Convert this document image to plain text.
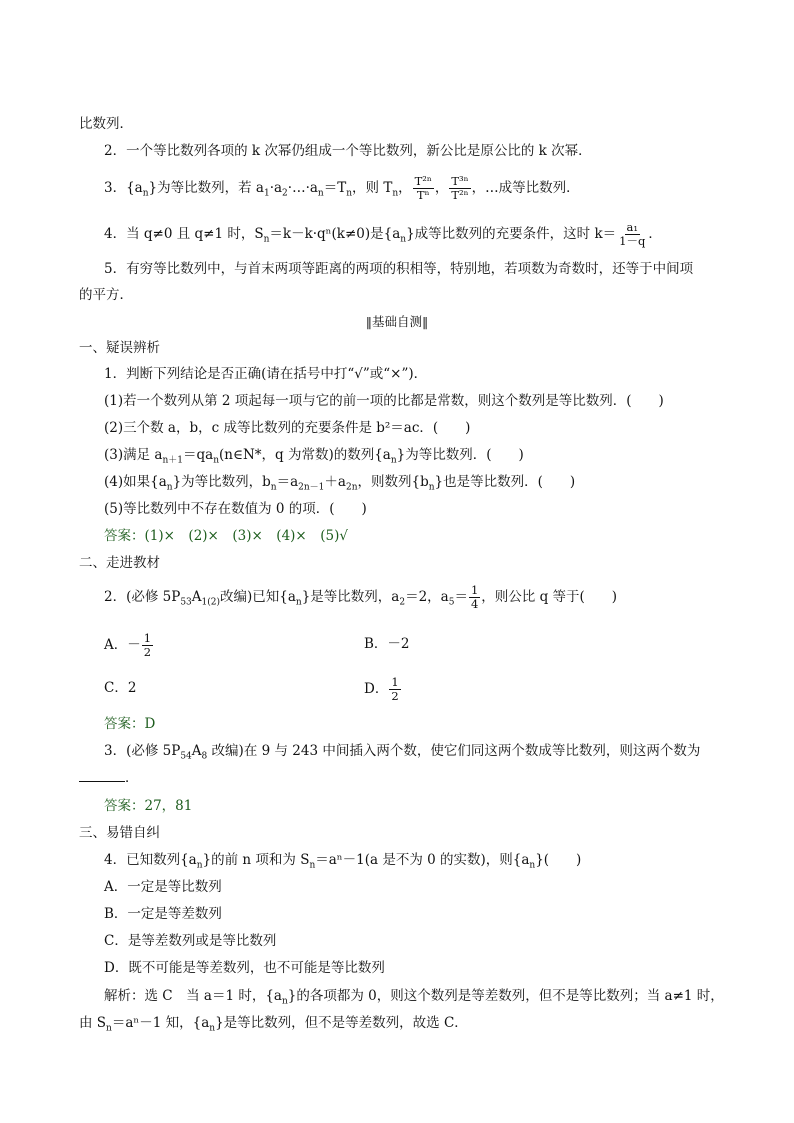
比数列．
2．一个等比数列各项的 k 次幂仍组成一个等比数列，新公比是原公比的 k 次幂．
3．$\{a_n\}$为等比数列，若 $a_1\cdot a_2\cdot\dots\cdot a_n=T_n$，则 $T_n$， $\frac{\text{T²ⁿ}}{\text{Tⁿ}}$ ， $\frac{\text{T³ⁿ}}{\text{T²ⁿ}}$ ，…成等比数列．
4．当 q≠0 且 q≠1 时，$S_n=k-k\cdot q^n(k\ne 0)$是$\{a_n\}$成等比数列的充要条件，这时 $k= \frac{\text{a₁}}{1-q}$ ．
5．有穷等比数列中，与首末两项等距离的两项的积相等，特别地，若项数为奇数时，还等于中间项
的平方．
‖基础自测‖
一、疑误辨析
1．判断下列结论是否正确(请在括号中打“√”或“×”)．
(1)若一个数列从第 2 项起每一项与它的前一项的比都是常数，则这个数列是等比数列．(　　)
(2)三个数 a，b，c 成等比数列的充要条件是 b²＝ac．(　　)
(3)满足 $a_{n+1}=qa_n(n\in N*$，q 为常数)的数列$\{a_n\}$为等比数列．(　　)
(4)如果$\{a_n\}$为等比数列，$b_n=a_{2n-1}+a_{2n}$，则数列$\{b_n\}$也是等比数列．(　　)
(5)等比数列中不存在数值为 0 的项．(　　)
答案：(1)×　(2)×　(3)×　(4)×　(5)√
二、走进教材
2．(必修 $5P_{53}A_{1(2)}$改编)已知$\{a_n\}$是等比数列，$a_2=2$，$a_5= \frac{1}{4}$ ，则公比 q 等于(　　)
A．－ $\frac{1}{2}$	B．－2
C．2	D． $\frac{1}{2}$
答案：D
3．(必修 $5P_{54}A_8$ 改编)在 9 与 243 中间插入两个数，使它们同这两个数成等比数列，则这两个数为
．
答案：27，81
三、易错自纠
4．已知数列$\{a_n\}$的前 n 项和为 $S_n=a^n-1(a$ 是不为 0 的实数)，则$\{a_n\}$(　　)
A．一定是等比数列
B．一定是等差数列
C．是等差数列或是等比数列
D．既不可能是等差数列，也不可能是等比数列
解析：选 C　当 a＝1 时，$\{a_n\}$的各项都为 0，则这个数列是等差数列，但不是等比数列；当 a≠1 时，
由 $S_n=a^n-1$ 知，$\{a_n\}$是等比数列，但不是等差数列，故选 C．
